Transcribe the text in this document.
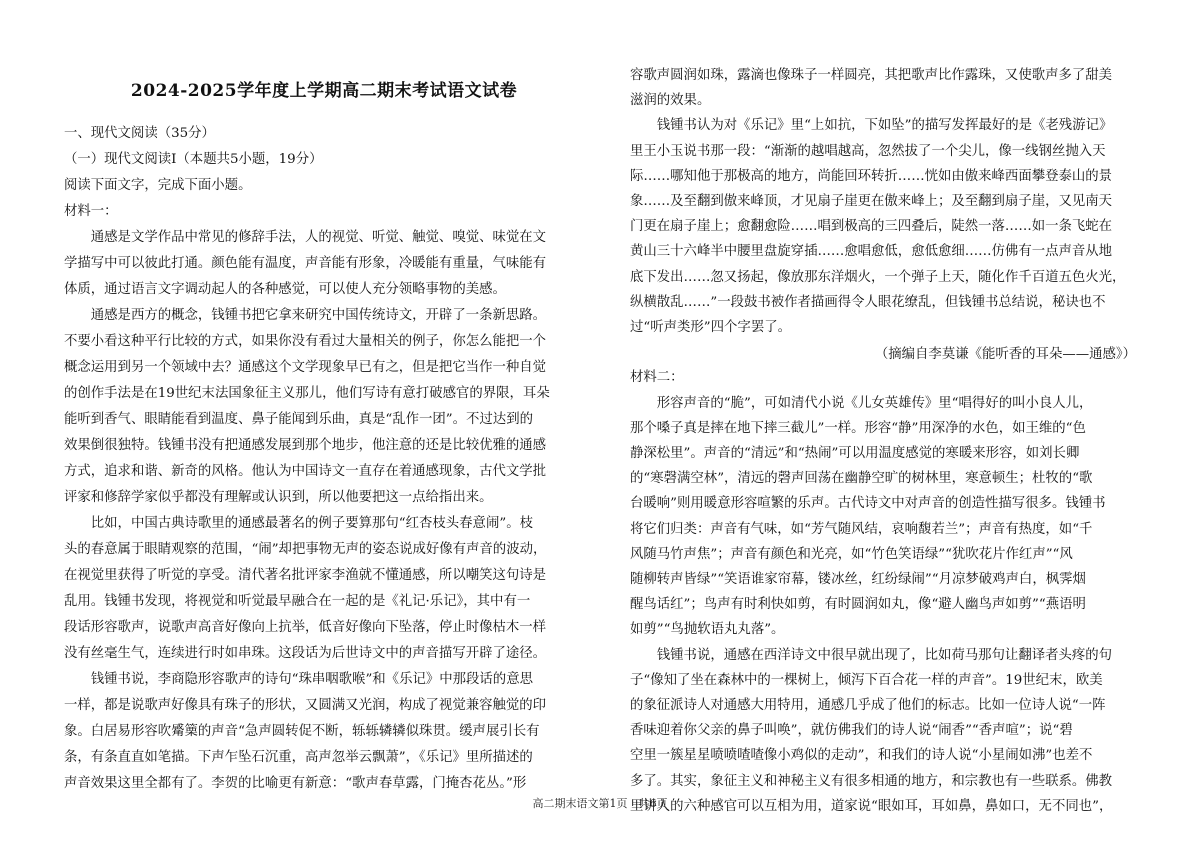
2024-2025学年度上学期高二期末考试语文试卷
一、现代文阅读（35分）
（一）现代文阅读Ⅰ（本题共5小题，19分）
阅读下面文字，完成下面小题。
材料一：
　　通感是文学作品中常见的修辞手法，人的视觉、听觉、触觉、嗅觉、味觉在文
学描写中可以彼此打通。颜色能有温度，声音能有形象，冷暖能有重量，气味能有
体质，通过语言文字调动起人的各种感觉，可以使人充分领略事物的美感。
　　通感是西方的概念，钱锺书把它拿来研究中国传统诗文，开辟了一条新思路。
不要小看这种平行比较的方式，如果你没有看过大量相关的例子，你怎么能把一个
概念运用到另一个领域中去？通感这个文学现象早已有之，但是把它当作一种自觉
的创作手法是在19世纪末法国象征主义那儿，他们写诗有意打破感官的界限，耳朵
能听到香气、眼睛能看到温度、鼻子能闻到乐曲，真是“乱作一团”。不过达到的
效果倒很独特。钱锺书没有把通感发展到那个地步，他注意的还是比较优雅的通感
方式，追求和谐、新奇的风格。他认为中国诗文一直存在着通感现象，古代文学批
评家和修辞学家似乎都没有理解或认识到，所以他要把这一点给指出来。
　　比如，中国古典诗歌里的通感最著名的例子要算那句“红杏枝头春意闹”。枝
头的春意属于眼睛观察的范围，“闹”却把事物无声的姿态说成好像有声音的波动，
在视觉里获得了听觉的享受。清代著名批评家李渔就不懂通感，所以嘲笑这句诗是
乱用。钱锺书发现，将视觉和听觉最早融合在一起的是《礼记·乐记》，其中有一
段话形容歌声，说歌声高音好像向上抗举，低音好像向下坠落，停止时像枯木一样
没有丝毫生气，连续进行时如串珠。这段话为后世诗文中的声音描写开辟了途径。
　　钱锺书说，李商隐形容歌声的诗句“珠串咽歌喉”和《乐记》中那段话的意思
一样，都是说歌声好像具有珠子的形状，又圆满又光润，构成了视觉兼容触觉的印
象。白居易形容吹觱篥的声音“急声圆转促不断，轹轹辚辚似珠贯。缓声展引长有
条，有条直直如笔描。下声乍坠石沉重，高声忽举云飘萧”，《乐记》里所描述的
声音效果这里全都有了。李贺的比喻更有新意：“歌声春草露，门掩杏花丛。”形
容歌声圆润如珠，露滴也像珠子一样圆亮，其把歌声比作露珠，又使歌声多了甜美
滋润的效果。
　　钱锺书认为对《乐记》里“上如抗，下如坠”的描写发挥最好的是《老残游记》
里王小玉说书那一段：“渐渐的越唱越高，忽然拔了一个尖儿，像一线钢丝抛入天
际……哪知他于那极高的地方，尚能回环转折……恍如由傲来峰西面攀登泰山的景
象……及至翻到傲来峰顶，才见扇子崖更在傲来峰上；及至翻到扇子崖，又见南天
门更在扇子崖上；愈翻愈险……唱到极高的三四叠后，陡然一落……如一条飞蛇在
黄山三十六峰半中腰里盘旋穿插……愈唱愈低，愈低愈细……仿佛有一点声音从地
底下发出……忽又扬起，像放那东洋烟火，一个弹子上天，随化作千百道五色火光，
纵横散乱……”一段鼓书被作者描画得令人眼花缭乱，但钱锺书总结说，秘诀也不
过“听声类形”四个字罢了。
材料二：
　　形容声音的“脆”，可如清代小说《儿女英雄传》里“唱得好的叫小良人儿，
那个嗓子真是摔在地下摔三截儿”一样。形容“静”用深净的水色，如王维的“色
静深松里”。声音的“清远”和“热闹”可以用温度感觉的寒暖来形容，如刘长卿
的“寒磬满空林”，清远的磬声回荡在幽静空旷的树林里，寒意顿生；杜牧的“歌
台暖响”则用暖意形容喧繁的乐声。古代诗文中对声音的创造性描写很多。钱锺书
将它们归类：声音有气味，如“芳气随风结，哀响馥若兰”；声音有热度，如“千
风随马竹声焦”；声音有颜色和光亮，如“竹色笑语绿”“犹吹花片作红声”“风
随柳转声皆绿”“笑语谁家帘幕，镂冰丝，红纷绿闹”“月凉梦破鸡声白，枫霁烟
醒鸟话红”；鸟声有时利快如剪，有时圆润如丸，像“避人幽鸟声如剪”“燕语明
如剪”“鸟抛软语丸丸落”。
　　钱锺书说，通感在西洋诗文中很早就出现了，比如荷马那句让翻译者头疼的句
子“像知了坐在森林中的一棵树上，倾泻下百合花一样的声音”。19世纪末，欧美
的象征派诗人对通感大用特用，通感几乎成了他们的标志。比如一位诗人说“一阵
香味迎着你父亲的鼻子叫唤”，就仿佛我们的诗人说“闹香”“香声喧”；说“碧
空里一簇星星喷喷喳喳像小鸡似的走动”，和我们的诗人说“小星闹如沸”也差不
多了。其实，象征主义和神秘主义有很多相通的地方，和宗教也有一些联系。佛教
里讲人的六种感官可以互相为用，道家说“眼如耳，耳如鼻，鼻如口，无不同也”，
（摘编自李莫谦《能听香的耳朵——通感》）
高二期末语文第1页　共6页
